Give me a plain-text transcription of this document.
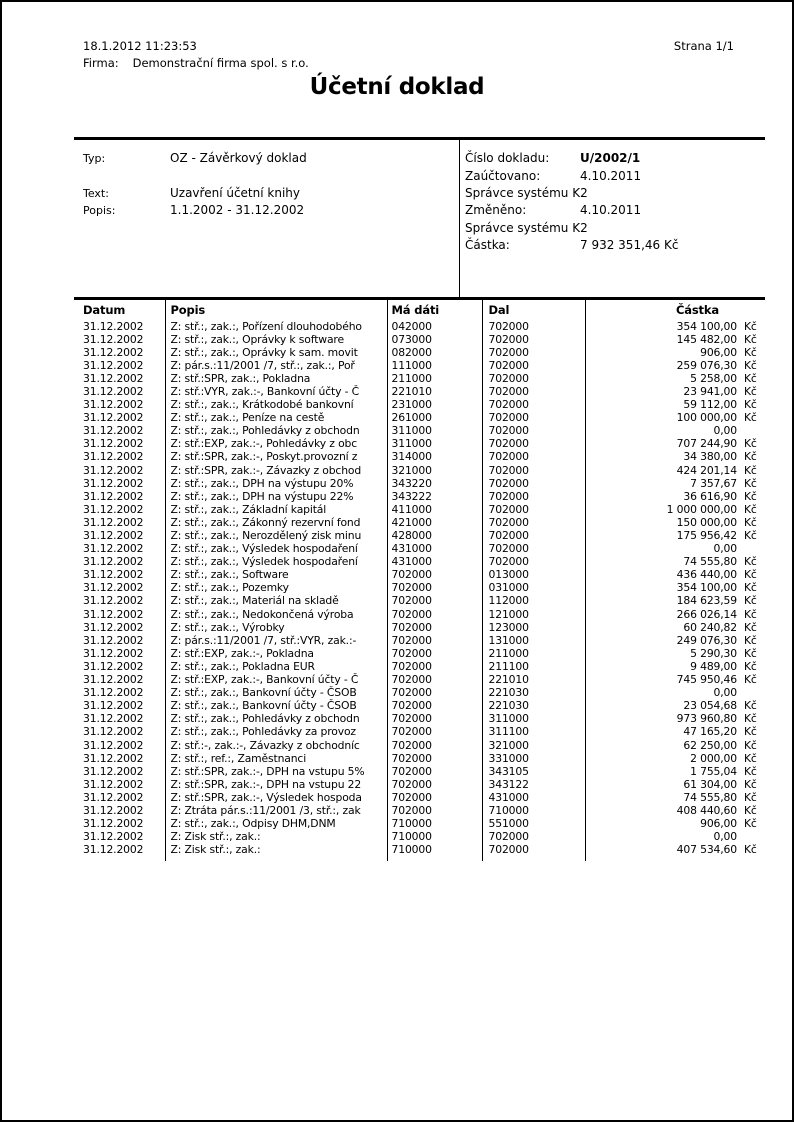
18.1.2012 11:23:53	Strana 1/1
Firma: Demonstrační firma spol. s r.o.
Účetní doklad
Typ:	OZ - Závěrkový doklad
Text:	Uzavření účetní knihy
Popis:	1.1.2002 - 31.12.2002
Číslo dokladu:	U/2002/1
Zaúčtovano:	4.10.2011
Správce systému K2
Změněno:	4.10.2011
Správce systému K2
Částka:	7 932 351,46 Kč
Datum	Popis	Má dáti	Dal	Částka
31.12.2002	Z: stř.:, zak.:, Pořízení dlouhodobého	042000	702000	354 100,00 Kč

31.12.2002	Z: stř.:, zak.:, Oprávky k software	073000	702000	145 482,00 Kč

31.12.2002	Z: stř.:, zak.:, Oprávky k sam. movit	082000	702000	906,00 Kč

31.12.2002	Z: pár.s.:11/2001 /7, stř.:, zak.:, Poř	111000	702000	259 076,30 Kč

31.12.2002	Z: stř.:SPR, zak.:, Pokladna	211000	702000	5 258,00 Kč

31.12.2002	Z: stř.:VYR, zak.:-, Bankovní účty - Č	221010	702000	23 941,00 Kč

31.12.2002	Z: stř.:, zak.:, Krátkodobé bankovní	231000	702000	59 112,00 Kč

31.12.2002	Z: stř.:, zak.:, Peníze na cestě	261000	702000	100 000,00 Kč

31.12.2002	Z: stř.:, zak.:, Pohledávky z obchodn	311000	702000	0,00

31.12.2002	Z: stř.:EXP, zak.:-, Pohledávky z obc	311000	702000	707 244,90 Kč

31.12.2002	Z: stř.:SPR, zak.:-, Poskyt.provozní z	314000	702000	34 380,00 Kč

31.12.2002	Z: stř.:SPR, zak.:-, Závazky z obchod	321000	702000	424 201,14 Kč

31.12.2002	Z: stř.:, zak.:, DPH na výstupu 20%	343220	702000	7 357,67 Kč

31.12.2002	Z: stř.:, zak.:, DPH na výstupu 22%	343222	702000	36 616,90 Kč

31.12.2002	Z: stř.:, zak.:, Základní kapitál	411000	702000	1 000 000,00 Kč

31.12.2002	Z: stř.:, zak.:, Zákonný rezervní fond	421000	702000	150 000,00 Kč

31.12.2002	Z: stř.:, zak.:, Nerozdělený zisk minu	428000	702000	175 956,42 Kč

31.12.2002	Z: stř.:, zak.:, Výsledek hospodaření	431000	702000	0,00

31.12.2002	Z: stř.:, zak.:, Výsledek hospodaření	431000	702000	74 555,80 Kč

31.12.2002	Z: stř.:, zak.:, Software	702000	013000	436 440,00 Kč

31.12.2002	Z: stř.:, zak.:, Pozemky	702000	031000	354 100,00 Kč

31.12.2002	Z: stř.:, zak.:, Materiál na skladě	702000	112000	184 623,59 Kč

31.12.2002	Z: stř.:, zak.:, Nedokončená výroba	702000	121000	266 026,14 Kč

31.12.2002	Z: stř.:, zak.:, Výrobky	702000	123000	60 240,82 Kč

31.12.2002	Z: pár.s.:11/2001 /7, stř.:VYR, zak.:-	702000	131000	249 076,30 Kč

31.12.2002	Z: stř.:EXP, zak.:-, Pokladna	702000	211000	5 290,30 Kč

31.12.2002	Z: stř.:, zak.:, Pokladna EUR	702000	211100	9 489,00 Kč

31.12.2002	Z: stř.:EXP, zak.:-, Bankovní účty - Č	702000	221010	745 950,46 Kč

31.12.2002	Z: stř.:, zak.:, Bankovní účty - ČSOB	702000	221030	0,00

31.12.2002	Z: stř.:, zak.:, Bankovní účty - ČSOB	702000	221030	23 054,68 Kč

31.12.2002	Z: stř.:, zak.:, Pohledávky z obchodn	702000	311000	973 960,80 Kč

31.12.2002	Z: stř.:, zak.:, Pohledávky za provoz	702000	311100	47 165,20 Kč

31.12.2002	Z: stř.:-, zak.:-, Závazky z obchodníc	702000	321000	62 250,00 Kč

31.12.2002	Z: stř.:, ref.:, Zaměstnanci	702000	331000	2 000,00 Kč

31.12.2002	Z: stř.:SPR, zak.:-, DPH na vstupu 5%	702000	343105	1 755,04 Kč

31.12.2002	Z: stř.:SPR, zak.:-, DPH na vstupu 22	702000	343122	61 304,00 Kč

31.12.2002	Z: stř.:SPR, zak.:-, Výsledek hospoda	702000	431000	74 555,80 Kč

31.12.2002	Z: Ztráta pár.s.:11/2001 /3, stř.:, zak	702000	710000	408 440,60 Kč

31.12.2002	Z: stř.:, zak.:, Odpisy DHM,DNM	710000	551000	906,00 Kč

31.12.2002	Z: Zisk stř.:, zak.:	710000	702000	0,00

31.12.2002	Z: Zisk stř.:, zak.:	710000	702000	407 534,60 Kč
